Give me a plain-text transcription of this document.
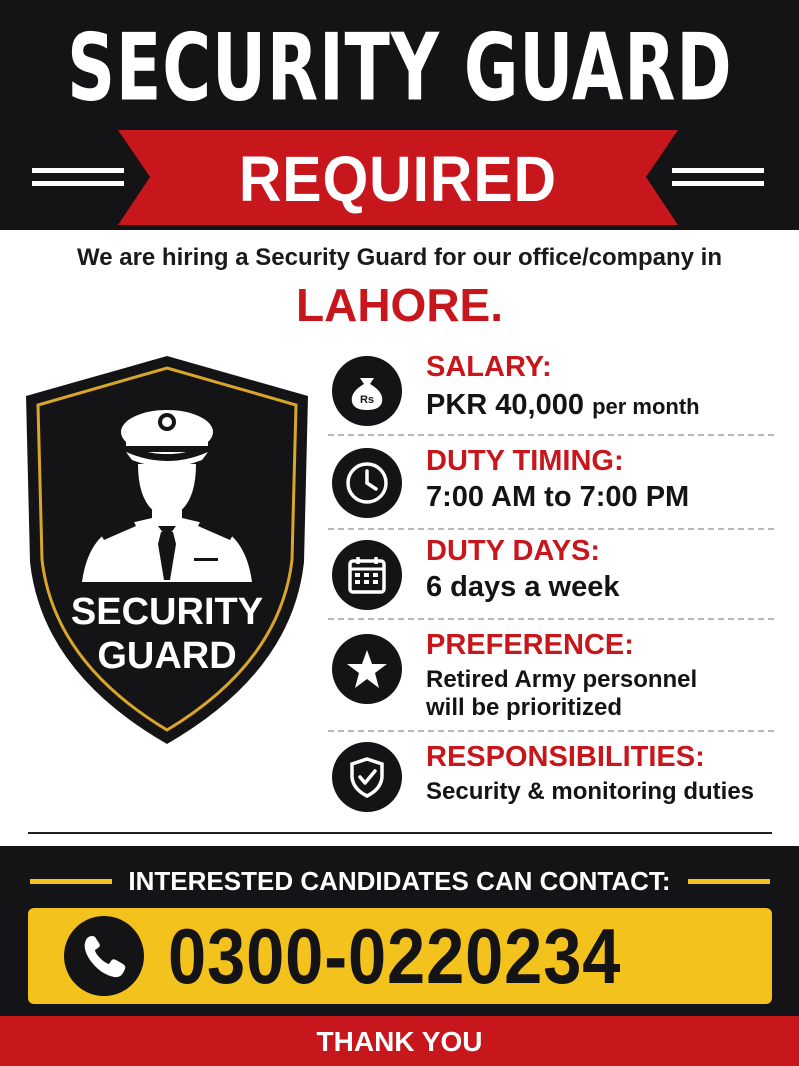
SECURITY GUARD
REQUIRED
We are hiring a Security Guard for our office/company in
LAHORE.
SECURITY
GUARD
Rs
SALARY:
PKR 40,000 per month
DUTY TIMING:
7:00 AM to 7:00 PM
DUTY DAYS:
6 days a week
PREFERENCE:
Retired Army personnel
will be prioritized
RESPONSIBILITIES:
Security & monitoring duties
INTERESTED CANDIDATES CAN CONTACT:
0300-0220234
THANK YOU
